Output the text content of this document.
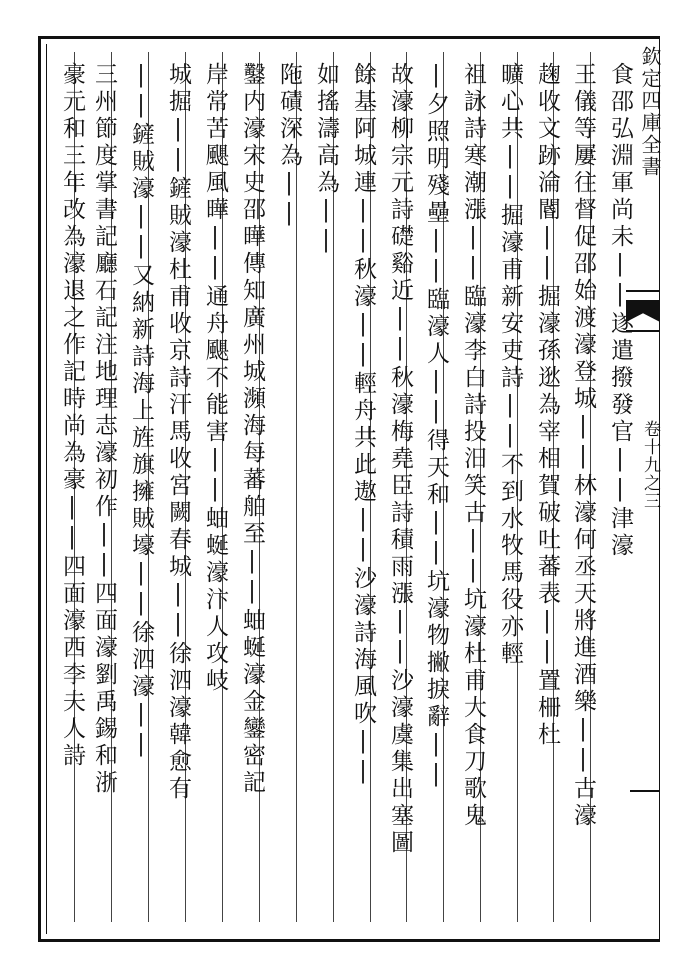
欽定四庫全書
卷十九之三
食邵弘淵軍尚未||遂遣撥發官||津濠
王儀等屢往督促邵始渡濠登城||林濠何丞天將進酒樂||古濠
趜收文跡淪閽||掘濠孫逖為宰相賀破吐蕃表||置柵杜
曠心共||掘濠甫新安吏詩||不到水牧馬役亦輕
祖詠詩寒潮漲||臨濠李白詩投汨笑古||坑濠杜甫大食刀歌鬼
|夕照明殘壘||臨濠人||得天和||坑濠物撇捩辭||
故濠柳宗元詩礎谿近||秋濠梅堯臣詩積雨漲||沙濠虞集出塞圖
餘基阿城連||秋濠||輕舟共此遨||沙濠詩海風吹||
如搖濤高為||
陁磧深為||
鑿内濠宋史邵曄傳知廣州城瀕海每蕃舶至||蚰蜒濠金鑾密記
岸常苦颶風曄||通舟颶不能害||蚰蜒濠汴人攻岐
城掘||鏟賊濠杜甫收京詩汗馬收宮闕春城||徐泗濠韓愈有
||鏟賊濠||又納新詩海上旌旗擁賊壕||徐泗濠||
三州節度掌書記廳石記注地理志濠初作||四面濠劉禹錫和浙
豪元和三年改為濠退之作記時尚為豪||四面濠西李夫人詩
